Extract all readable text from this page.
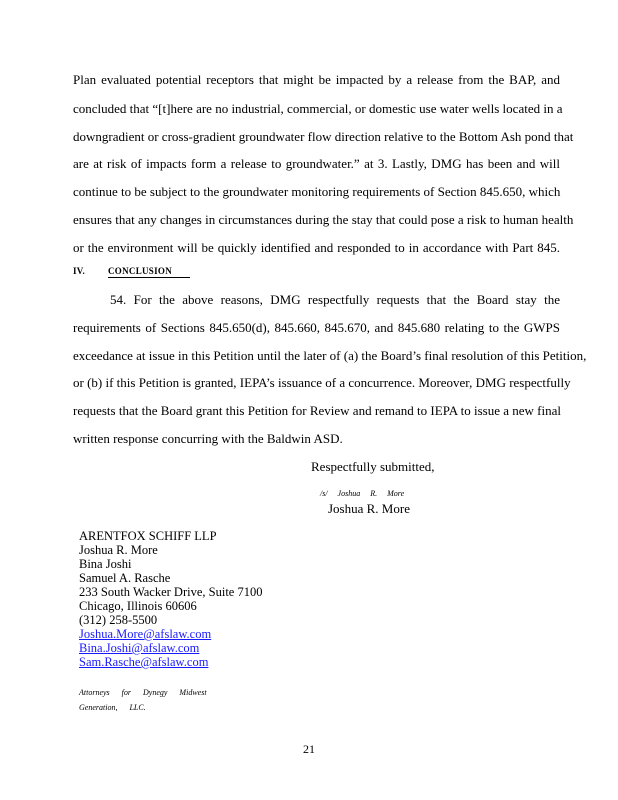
Plan evaluated potential receptors that might be impacted by a release from the BAP, and
concluded that “[t]here are no industrial, commercial, or domestic use water wells located in a
downgradient or cross-gradient groundwater flow direction relative to the Bottom Ash pond that
are at risk of impacts form a release to groundwater.” at 3. Lastly, DMG has been and will
continue to be subject to the groundwater monitoring requirements of Section 845.650, which
ensures that any changes in circumstances during the stay that could pose a risk to human health
or the environment will be quickly identified and responded to in accordance with Part 845.
IV.	CONCLUSION
54. For the above reasons, DMG respectfully requests that the Board stay the
requirements of Sections 845.650(d), 845.660, 845.670, and 845.680 relating to the GWPS
exceedance at issue in this Petition until the later of (a) the Board’s final resolution of this Petition,
or (b) if this Petition is granted, IEPA’s issuance of a concurrence. Moreover, DMG respectfully
requests that the Board grant this Petition for Review and remand to IEPA to issue a new final
written response concurring with the Baldwin ASD.
Respectfully submitted,
/s/ Joshua R. More
Joshua R. More
ARENTFOX SCHIFF LLP
Joshua R. More
Bina Joshi
Samuel A. Rasche
233 South Wacker Drive, Suite 7100
Chicago, Illinois 60606
(312) 258-5500
Joshua.More@afslaw.com
Bina.Joshi@afslaw.com
Sam.Rasche@afslaw.com
Attorneys for Dynegy Midwest
Generation, LLC.
21
